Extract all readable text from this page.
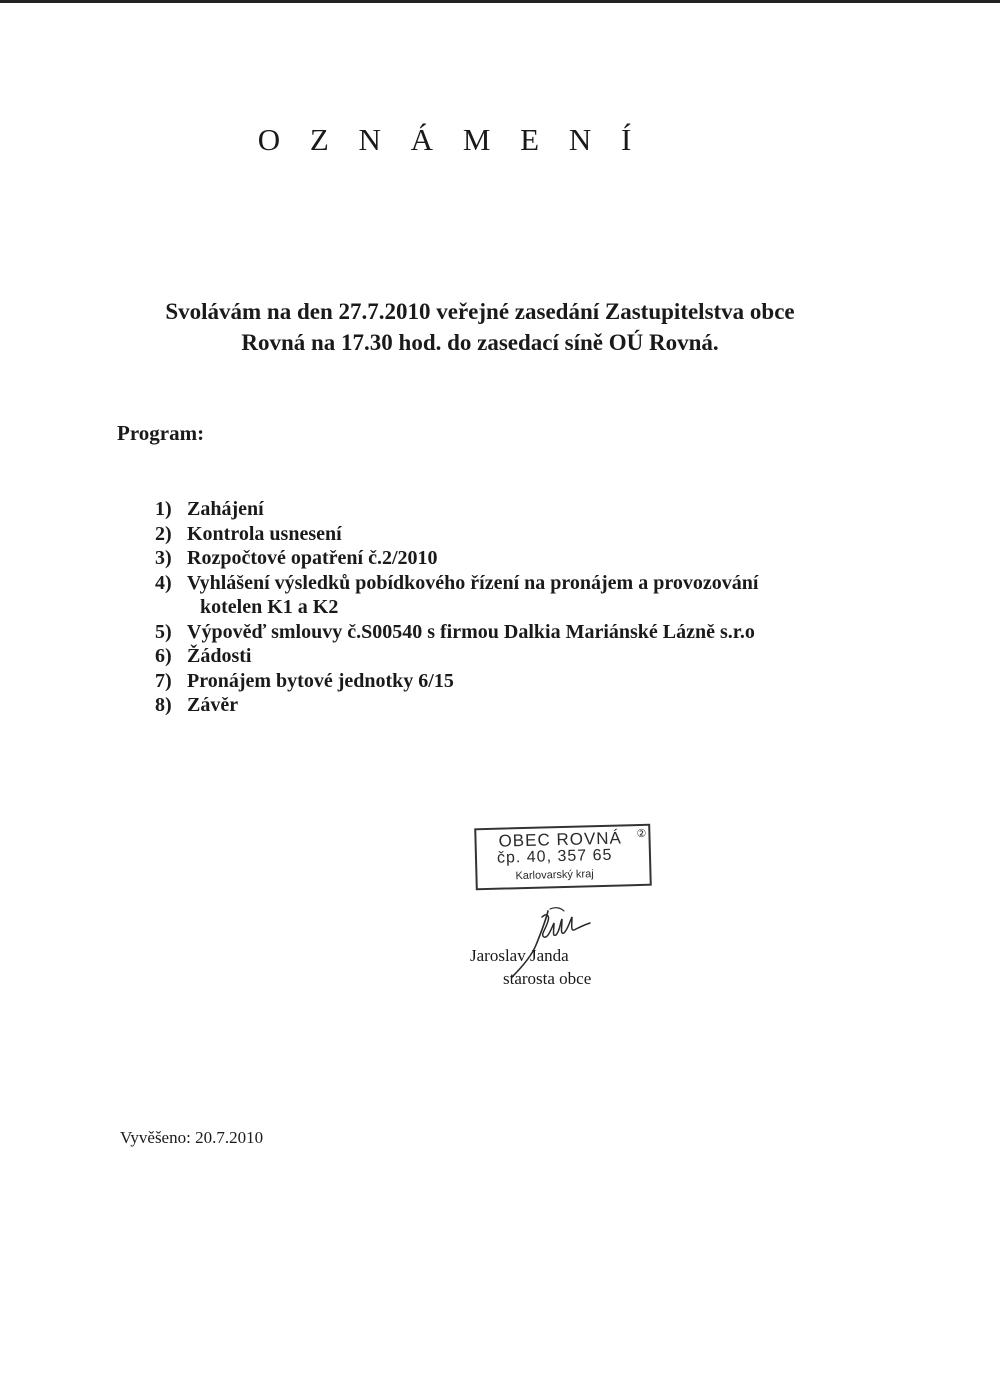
O Z N Á M E N Í
Svolávám na den 27.7.2010 veřejné zasedání Zastupitelstva obce
Rovná na 17.30 hod. do zasedací síně OÚ Rovná.
Program:
1) Zahájení
2) Kontrola usnesení
3) Rozpočtové opatření č.2/2010
4) Vyhlášení výsledků pobídkového řízení na pronájem a provozování
kotelen K1 a K2
5) Výpověď smlouvy č.S00540 s firmou Dalkia Mariánské Lázně s.r.o
6) Žádosti
7) Pronájem bytové jednotky 6/15
8) Závěr
OBEC ROVNÁ ②
čp. 40, 357 65
Karlovarský kraj
Jaroslav Janda
starosta obce
Vyvěšeno: 20.7.2010
